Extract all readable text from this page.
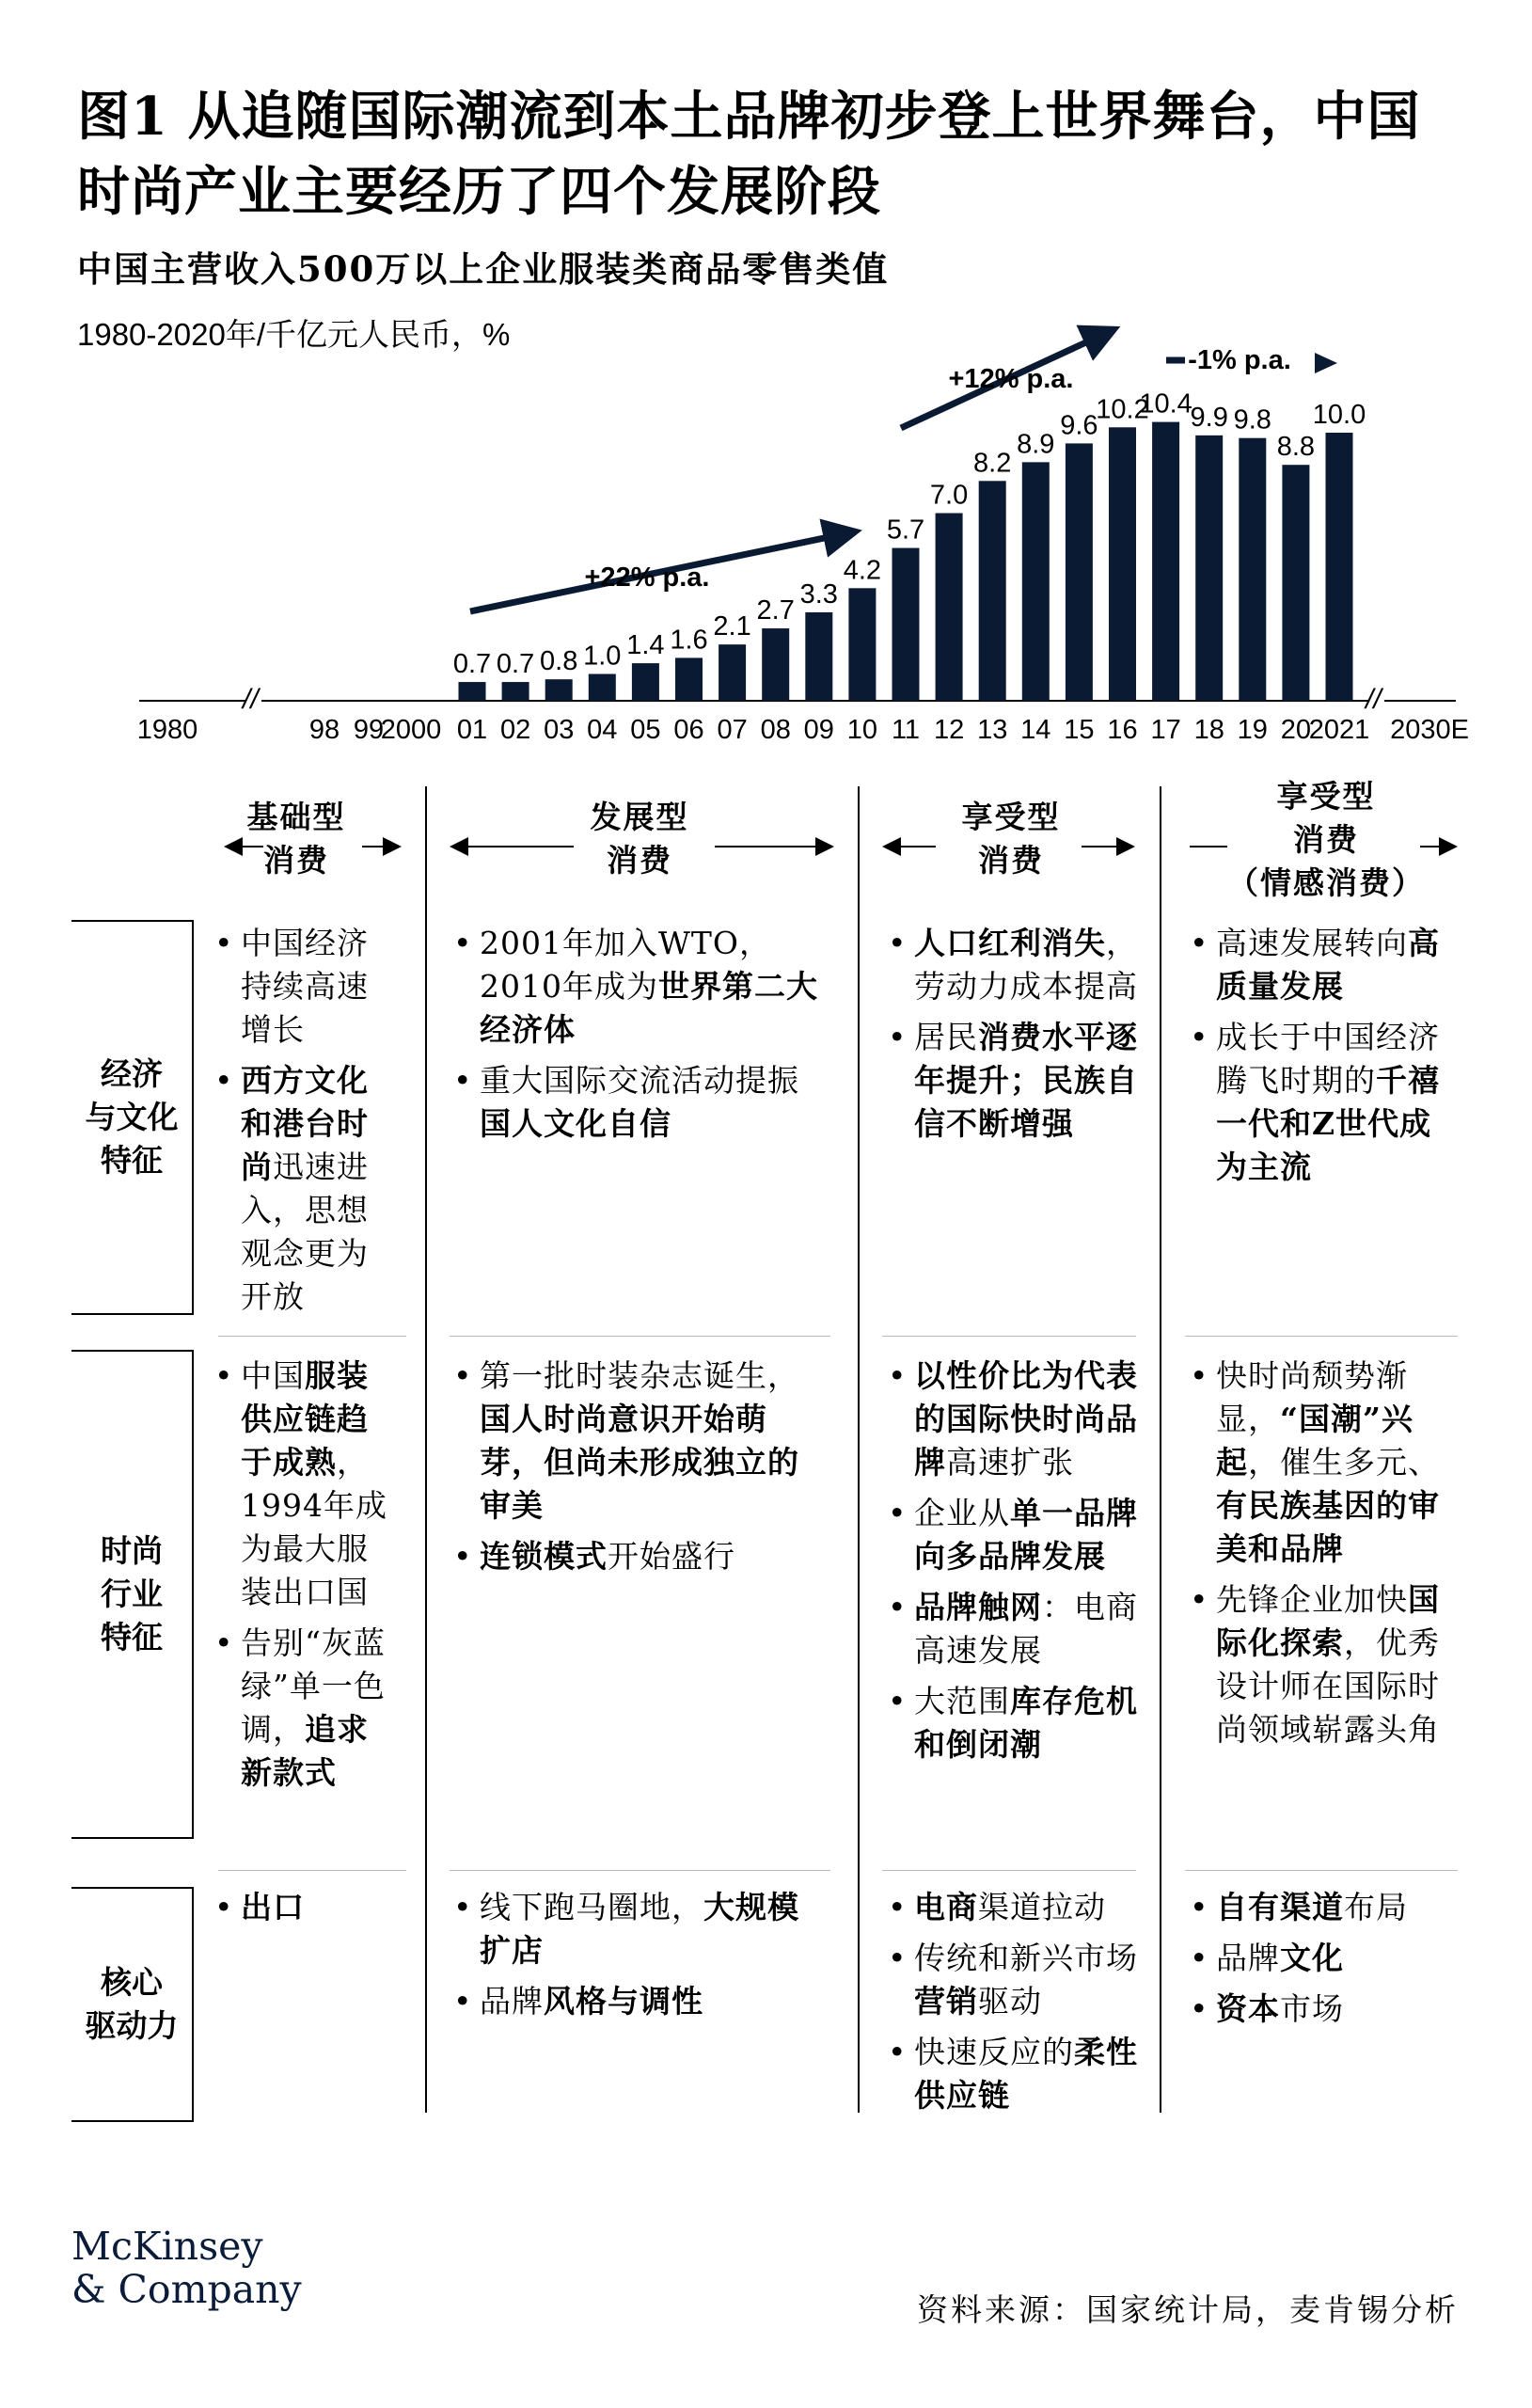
图1 从追随国际潮流到本土品牌初步登上世界舞台，中国时尚产业主要经历了四个发展阶段
中国主营收入500万以上企业服装类商品零售类值
1980-2020年/千亿元人民币，%
//	//
0.7 0.7 0.8 1.0 1.4 1.6 2.1
2.7
3.3
4.2
5.7
7.0
8.2
8.9
9.6
10.2
10.4
9.9 9.8
8.8
10.0
1980	98 99
2000 01 02 03 04 05 06 07 08 09 10 11 12 13 14 15 16 17 18 19 20
2021 2030E
+22% p.a.
+12% p.a.
-1% p.a.
基础型
消费
发展型
消费
享受型
消费
享受型
消费
（情感消费）
经济
与文化
特征
时尚
行业
特征
核心
驱动力
• 中国经济持续高速增长
• 西方文化和港台时尚迅速进入，思想观念更为开放
• 2001年加入WTO，2010年成为世界第二大经济体
• 重大国际交流活动提振国人文化自信
• 人口红利消失，劳动力成本提高
• 居民消费水平逐年提升；民族自信不断增强
• 高速发展转向高质量发展
• 成长于中国经济腾飞时期的千禧一代和Z世代成为主流
• 中国服装供应链趋于成熟，1994年成为最大服装出口国
• 告别“灰蓝绿”单一色调，追求新款式
• 第一批时装杂志诞生，国人时尚意识开始萌芽，但尚未形成独立的审美
• 连锁模式开始盛行
• 以性价比为代表的国际快时尚品牌高速扩张
• 企业从单一品牌向多品牌发展
• 品牌触网：电商高速发展
• 大范围库存危机和倒闭潮
• 快时尚颓势渐显，“国潮”兴起，催生多元、有民族基因的审美和品牌
• 先锋企业加快国际化探索，优秀设计师在国际时尚领域崭露头角
• 出口
•	线下跑马圈地，大规模扩店
• 品牌风格与调性
• 电商渠道拉动
• 传统和新兴市场营销驱动
• 快速反应的柔性供应链
• 自有渠道布局
• 品牌文化
• 资本市场
McKinsey
& Company	资料来源：国家统计局，麦肯锡分析
